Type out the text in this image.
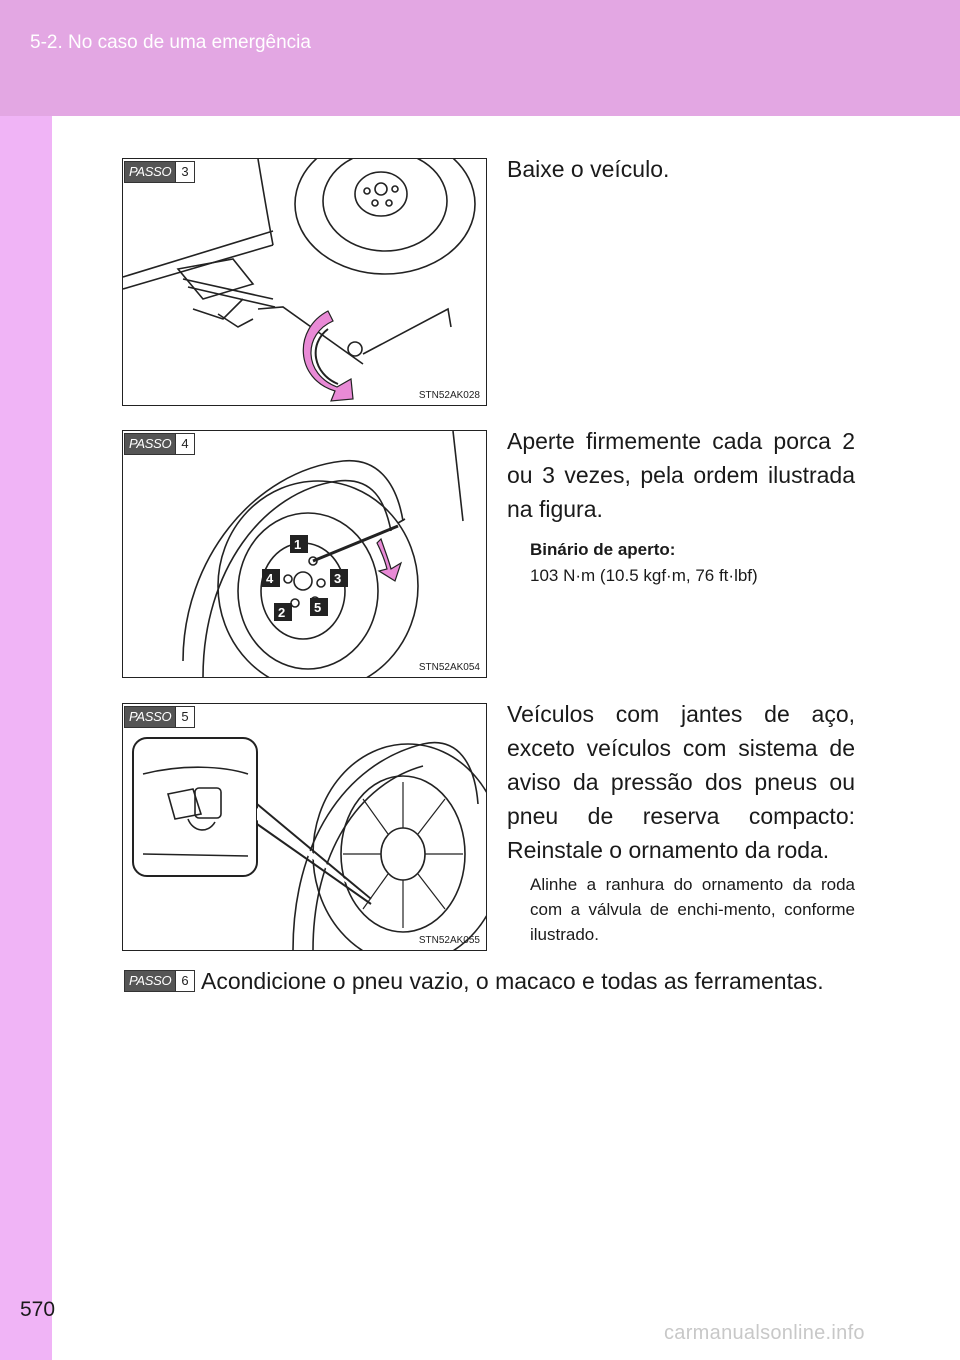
5-2. No caso de uma emergência
570
carmanualsonline.info
PASSO 3
STN52AK028
Baixe o veículo.
PASSO 4
1
2
3
4
5
STN52AK054
Aperte firmemente cada porca 2 ou 3 vezes, pela ordem ilustrada na figura.
Binário de aperto:
103 N·m (10.5 kgf·m, 76 ft·lbf)
PASSO 5
STN52AK055
Veículos com jantes de aço, exceto veículos com sistema de aviso da pressão dos pneus ou pneu de reserva compacto: Reinstale o ornamento da roda.
Alinhe a ranhura do ornamento da roda com a válvula de enchi-mento, conforme ilustrado.
PASSO 6 Acondicione o pneu vazio, o macaco e todas as ferramentas.
